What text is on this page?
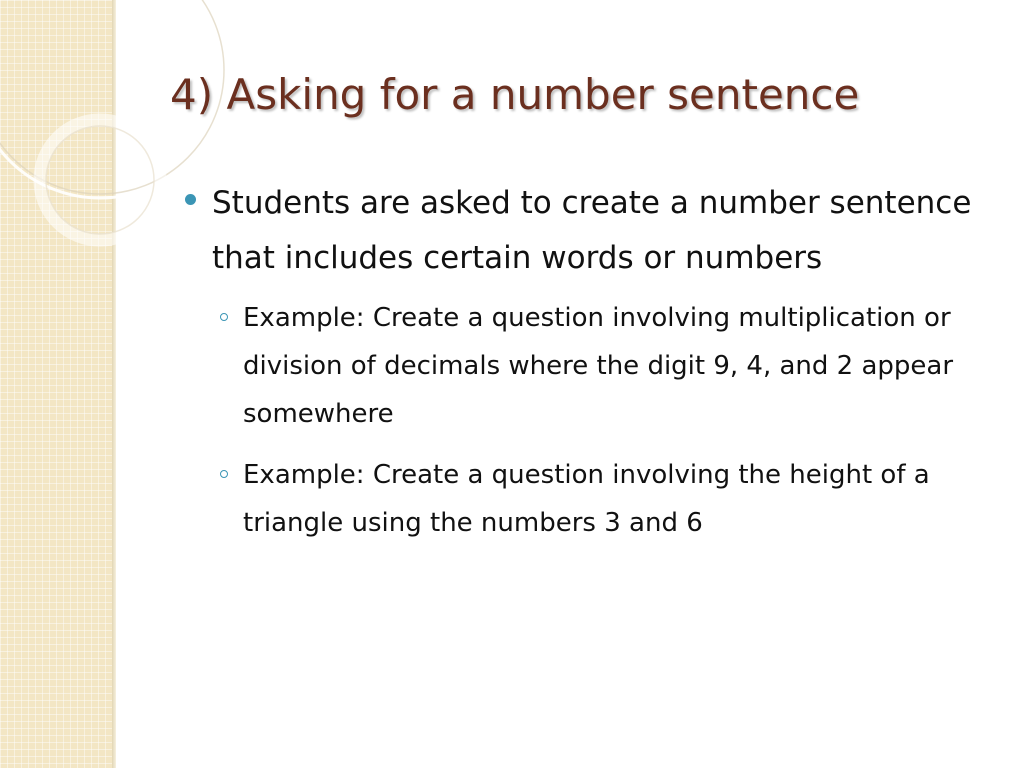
4) Asking for a number sentence
Students are asked to create a number sentence that includes certain words or numbers
Example: Create a question involving multiplication or division of decimals where the digit 9, 4, and 2 appear somewhere
Example: Create a question involving the height of a triangle using the numbers 3 and 6
